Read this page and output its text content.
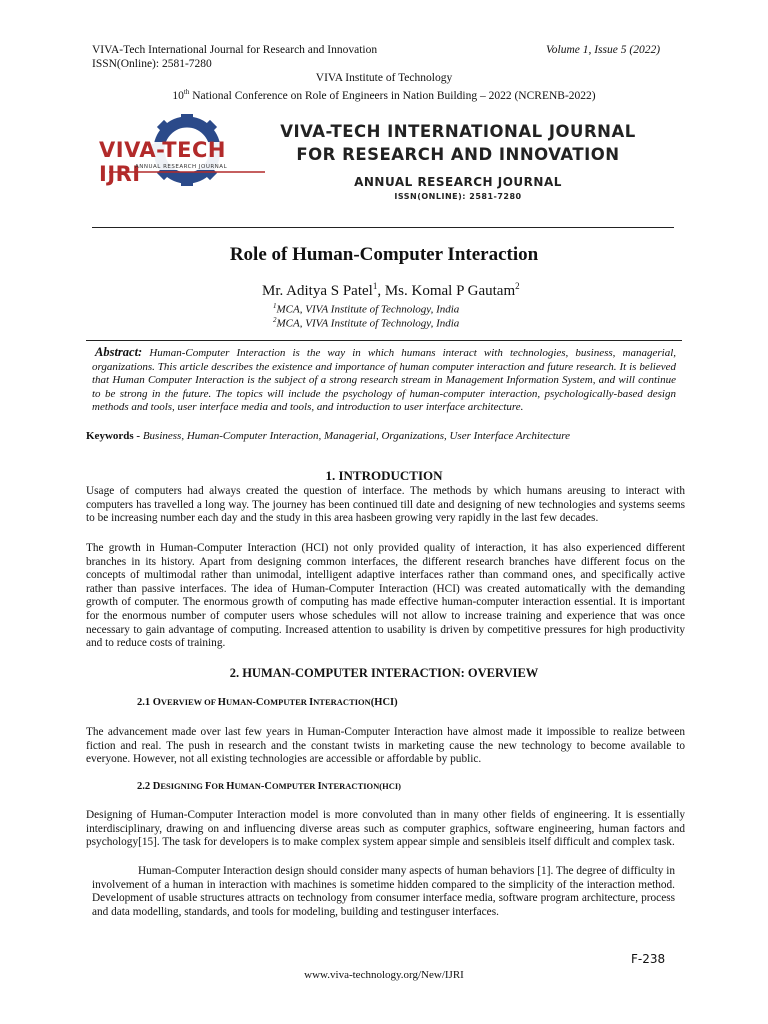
VIVA-Tech International Journal for Research and Innovation
ISSN(Online): 2581-7280
Volume 1, Issue 5 (2022)
VIVA Institute of Technology
10th National Conference on Role of Engineers in Nation Building – 2022 (NCRENB-2022)
VIVA-TECH IJRI
ANNUAL RESEARCH JOURNAL
VIVA-TECH INTERNATIONAL JOURNAL
FOR RESEARCH AND INNOVATION
ANNUAL RESEARCH JOURNAL
ISSN(ONLINE): 2581-7280
Role of Human-Computer Interaction
Mr. Aditya S Patel$^1$, Ms. Komal P Gautam$^2$
$^1$MCA, VIVA Institute of Technology, India
$^2$MCA, VIVA Institute of Technology, India
Abstract: Human-Computer Interaction is the way in which humans interact with technologies, business, managerial, organizations. This article describes the existence and importance of human computer interaction and future research. It is believed that Human Computer Interaction is the subject of a strong research stream in Management Information System, and will continue to be strong in the future. The topics will include the psychology of human-computer interaction, psychologically-based design methods and tools, user interface media and tools, and introduction to user interface architecture.
Keywords - Business, Human-Computer Interaction, Managerial, Organizations, User Interface Architecture
1. INTRODUCTION
Usage of computers had always created the question of interface. The methods by which humans areusing to interact with computers has travelled a long way. The journey has been continued till date and designing of new technologies and systems seems to be increasing number each day and the study in this area hasbeen growing very rapidly in the last few decades.
The growth in Human-Computer Interaction (HCI) not only provided quality of interaction, it has also experienced different branches in its history. Apart from designing common interfaces, the different research branches have different focus on the concepts of multimodal rather than unimodal, intelligent adaptive interfaces rather than command ones, and specifically active rather than passive interfaces. The idea of Human-Computer Interaction (HCI) was created automatically with the demanding growth of computer. The enormous growth of computing has made effective human-computer interaction essential. It is important for the enormous number of computer users whose schedules will not allow to increase training and experience that was once necessary to gain advantage of computing. Increased attention to usability is driven by competitive pressures for high productivity and to reduce costs of training.
2. HUMAN-COMPUTER INTERACTION: OVERVIEW
2.1 OVERVIEW OF HUMAN-COMPUTER INTERACTION(HCI)
The advancement made over last few years in Human-Computer Interaction have almost made it impossible to realize between fiction and real. The push in research and the constant twists in marketing cause the new technology to become available to everyone. However, not all existing technologies are accessible or affordable by public.
2.2 DESIGNING FOR HUMAN-COMPUTER INTERACTION(HCI)
Designing of Human-Computer Interaction model is more convoluted than in many other fields of engineering. It is essentially interdisciplinary, drawing on and influencing diverse areas such as computer graphics, software engineering, human factors and psychology[15]. The task for developers is to make complex system appear simple and sensibleis itself difficult and complex task.
Human-Computer Interaction design should consider many aspects of human behaviors [1]. The degree of difficulty in involvement of a human in interaction with machines is sometime hidden compared to the simplicity of the interaction method. Development of usable structures attracts on technology from consumer interface media, software program architecture, process and data modelling, standards, and tools for modeling, building and testinguser interfaces.
F-238
www.viva-technology.org/New/IJRI
